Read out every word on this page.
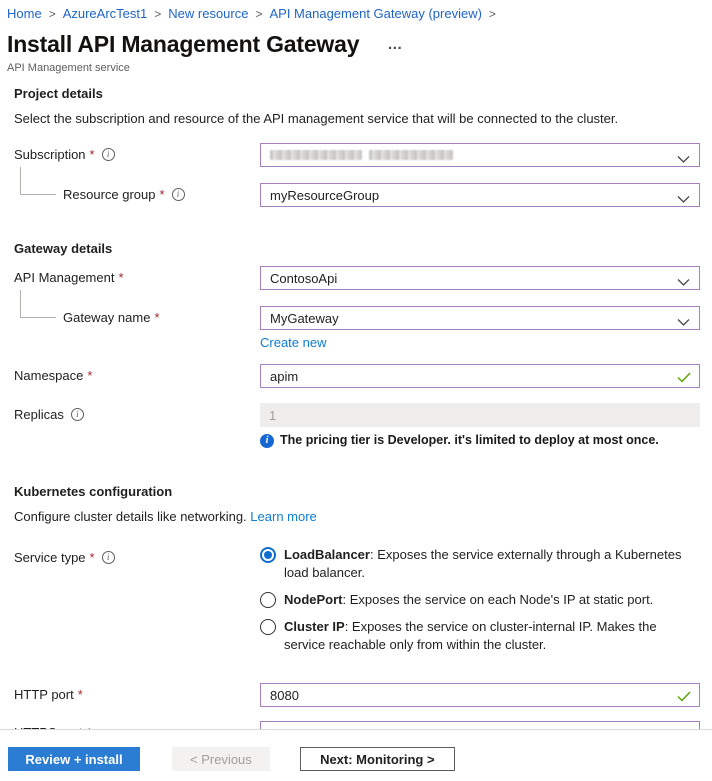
Home > AzureArcTest1 > New resource > API Management Gateway (preview) >
Install API Management Gateway …
API Management service
Project details
Select the subscription and resource of the API management service that will be connected to the cluster.
Subscription *	i
Resource group *	i	myResourceGroup
Gateway details
API Management *	ContosoApi
Gateway name *	MyGateway
Create new
Namespace *	apim
Replicas	i	1
i The pricing tier is Developer. it's limited to deploy at most once.
Kubernetes configuration
Configure cluster details like networking. Learn more
Service type *	i	LoadBalancer: Exposes the service externally through a Kubernetes load balancer.
NodePort: Exposes the service on each Node's IP at static port.
Cluster IP: Exposes the service on cluster-internal IP. Makes the service reachable only from within the cluster.
HTTP port *	8080
Review + install	< Previous	Next: Monitoring >
